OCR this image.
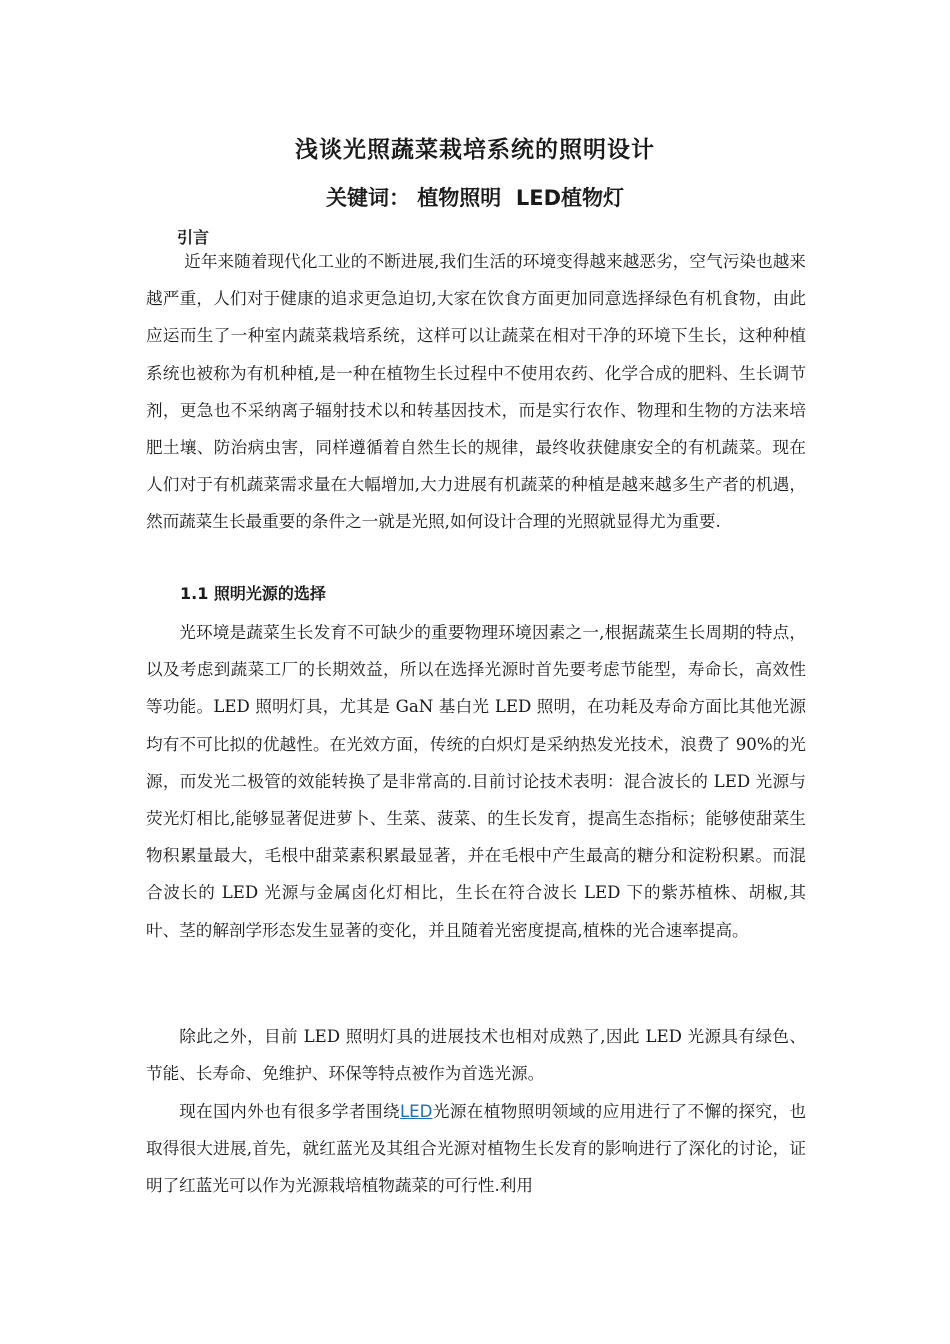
浅谈光照蔬菜栽培系统的照明设计
关键词： 植物照明  LED植物灯
引言

近年来随着现代化工业的不断进展,我们生活的环境变得越来越恶劣，空气污染也越来越严重，人们对于健康的追求更急迫切,大家在饮食方面更加同意选择绿色有机食物，由此应运而生了一种室内蔬菜栽培系统，这样可以让蔬菜在相对干净的环境下生长，这种种植系统也被称为有机种植,是一种在植物生长过程中不使用农药、化学合成的肥料、生长调节剂，更急也不采纳离子辐射技术以和转基因技术，而是实行农作、物理和生物的方法来培肥土壤、防治病虫害，同样遵循着自然生长的规律，最终收获健康安全的有机蔬菜。现在人们对于有机蔬菜需求量在大幅增加,大力进展有机蔬菜的种植是越来越多生产者的机遇，然而蔬菜生长最重要的条件之一就是光照,如何设计合理的光照就显得尤为重要.

1.1 照明光源的选择

光环境是蔬菜生长发育不可缺少的重要物理环境因素之一,根据蔬菜生长周期的特点，以及考虑到蔬菜工厂的长期效益，所以在选择光源时首先要考虑节能型，寿命长，高效性等功能。LED 照明灯具，尤其是 GaN 基白光 LED 照明，在功耗及寿命方面比其他光源均有不可比拟的优越性。在光效方面，传统的白炽灯是采纳热发光技术，浪费了 90%的光源，而发光二极管的效能转换了是非常高的.目前讨论技术表明：混合波长的 LED 光源与荧光灯相比,能够显著促进萝卜、生菜、菠菜、的生长发育，提高生态指标；能够使甜菜生物积累量最大，毛根中甜菜素积累最显著，并在毛根中产生最高的糖分和淀粉积累。而混合波长的 LED 光源与金属卤化灯相比，生长在符合波长 LED 下的紫苏植株、胡椒,其叶、茎的解剖学形态发生显著的变化，并且随着光密度提高,植株的光合速率提高。

除此之外，目前 LED 照明灯具的进展技术也相对成熟了,因此 LED 光源具有绿色、节能、长寿命、免维护、环保等特点被作为首选光源。

现在国内外也有很多学者围绕LED光源在植物照明领域的应用进行了不懈的探究，也取得很大进展,首先，就红蓝光及其组合光源对植物生长发育的影响进行了深化的讨论，证明了红蓝光可以作为光源栽培植物蔬菜的可行性.利用
